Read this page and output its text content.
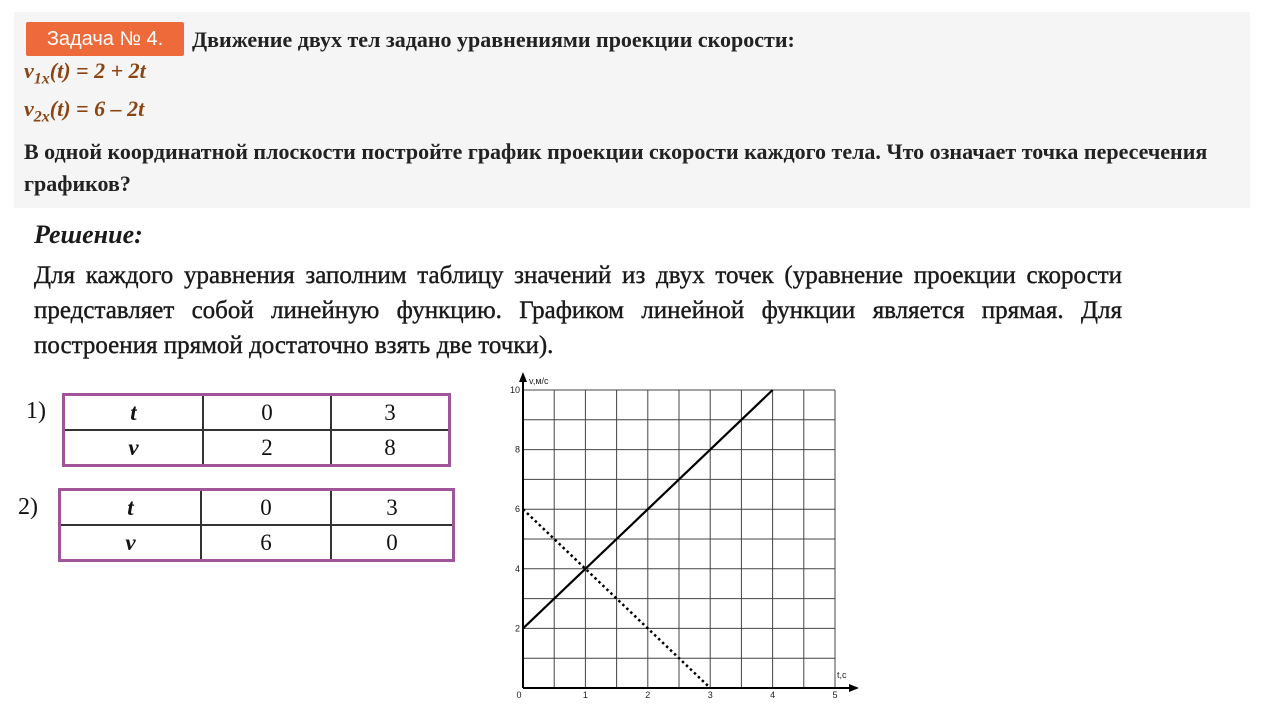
Задача № 4.	Движение двух тел задано уравнениями проекции скорости:
$v_{1x}(t) = 2 + 2t$
$v_{2x}(t) = 6 - 2t$
В одной координатной плоскости постройте график проекции скорости каждого тела. Что означает точка пересечения графиков?
Решение:
Для каждого уравнения заполним таблицу значений из двух точек (уравнение проекции скорости представляет собой линейную функцию. Графиком линейной функции является прямая. Для построения прямой достаточно взять две точки).
1)	t	0	3
v	2	8
2)	t	0	3
v	6	0
0	1	2	3	4	5
2
4
6
8
10
v,м/с
t,c
